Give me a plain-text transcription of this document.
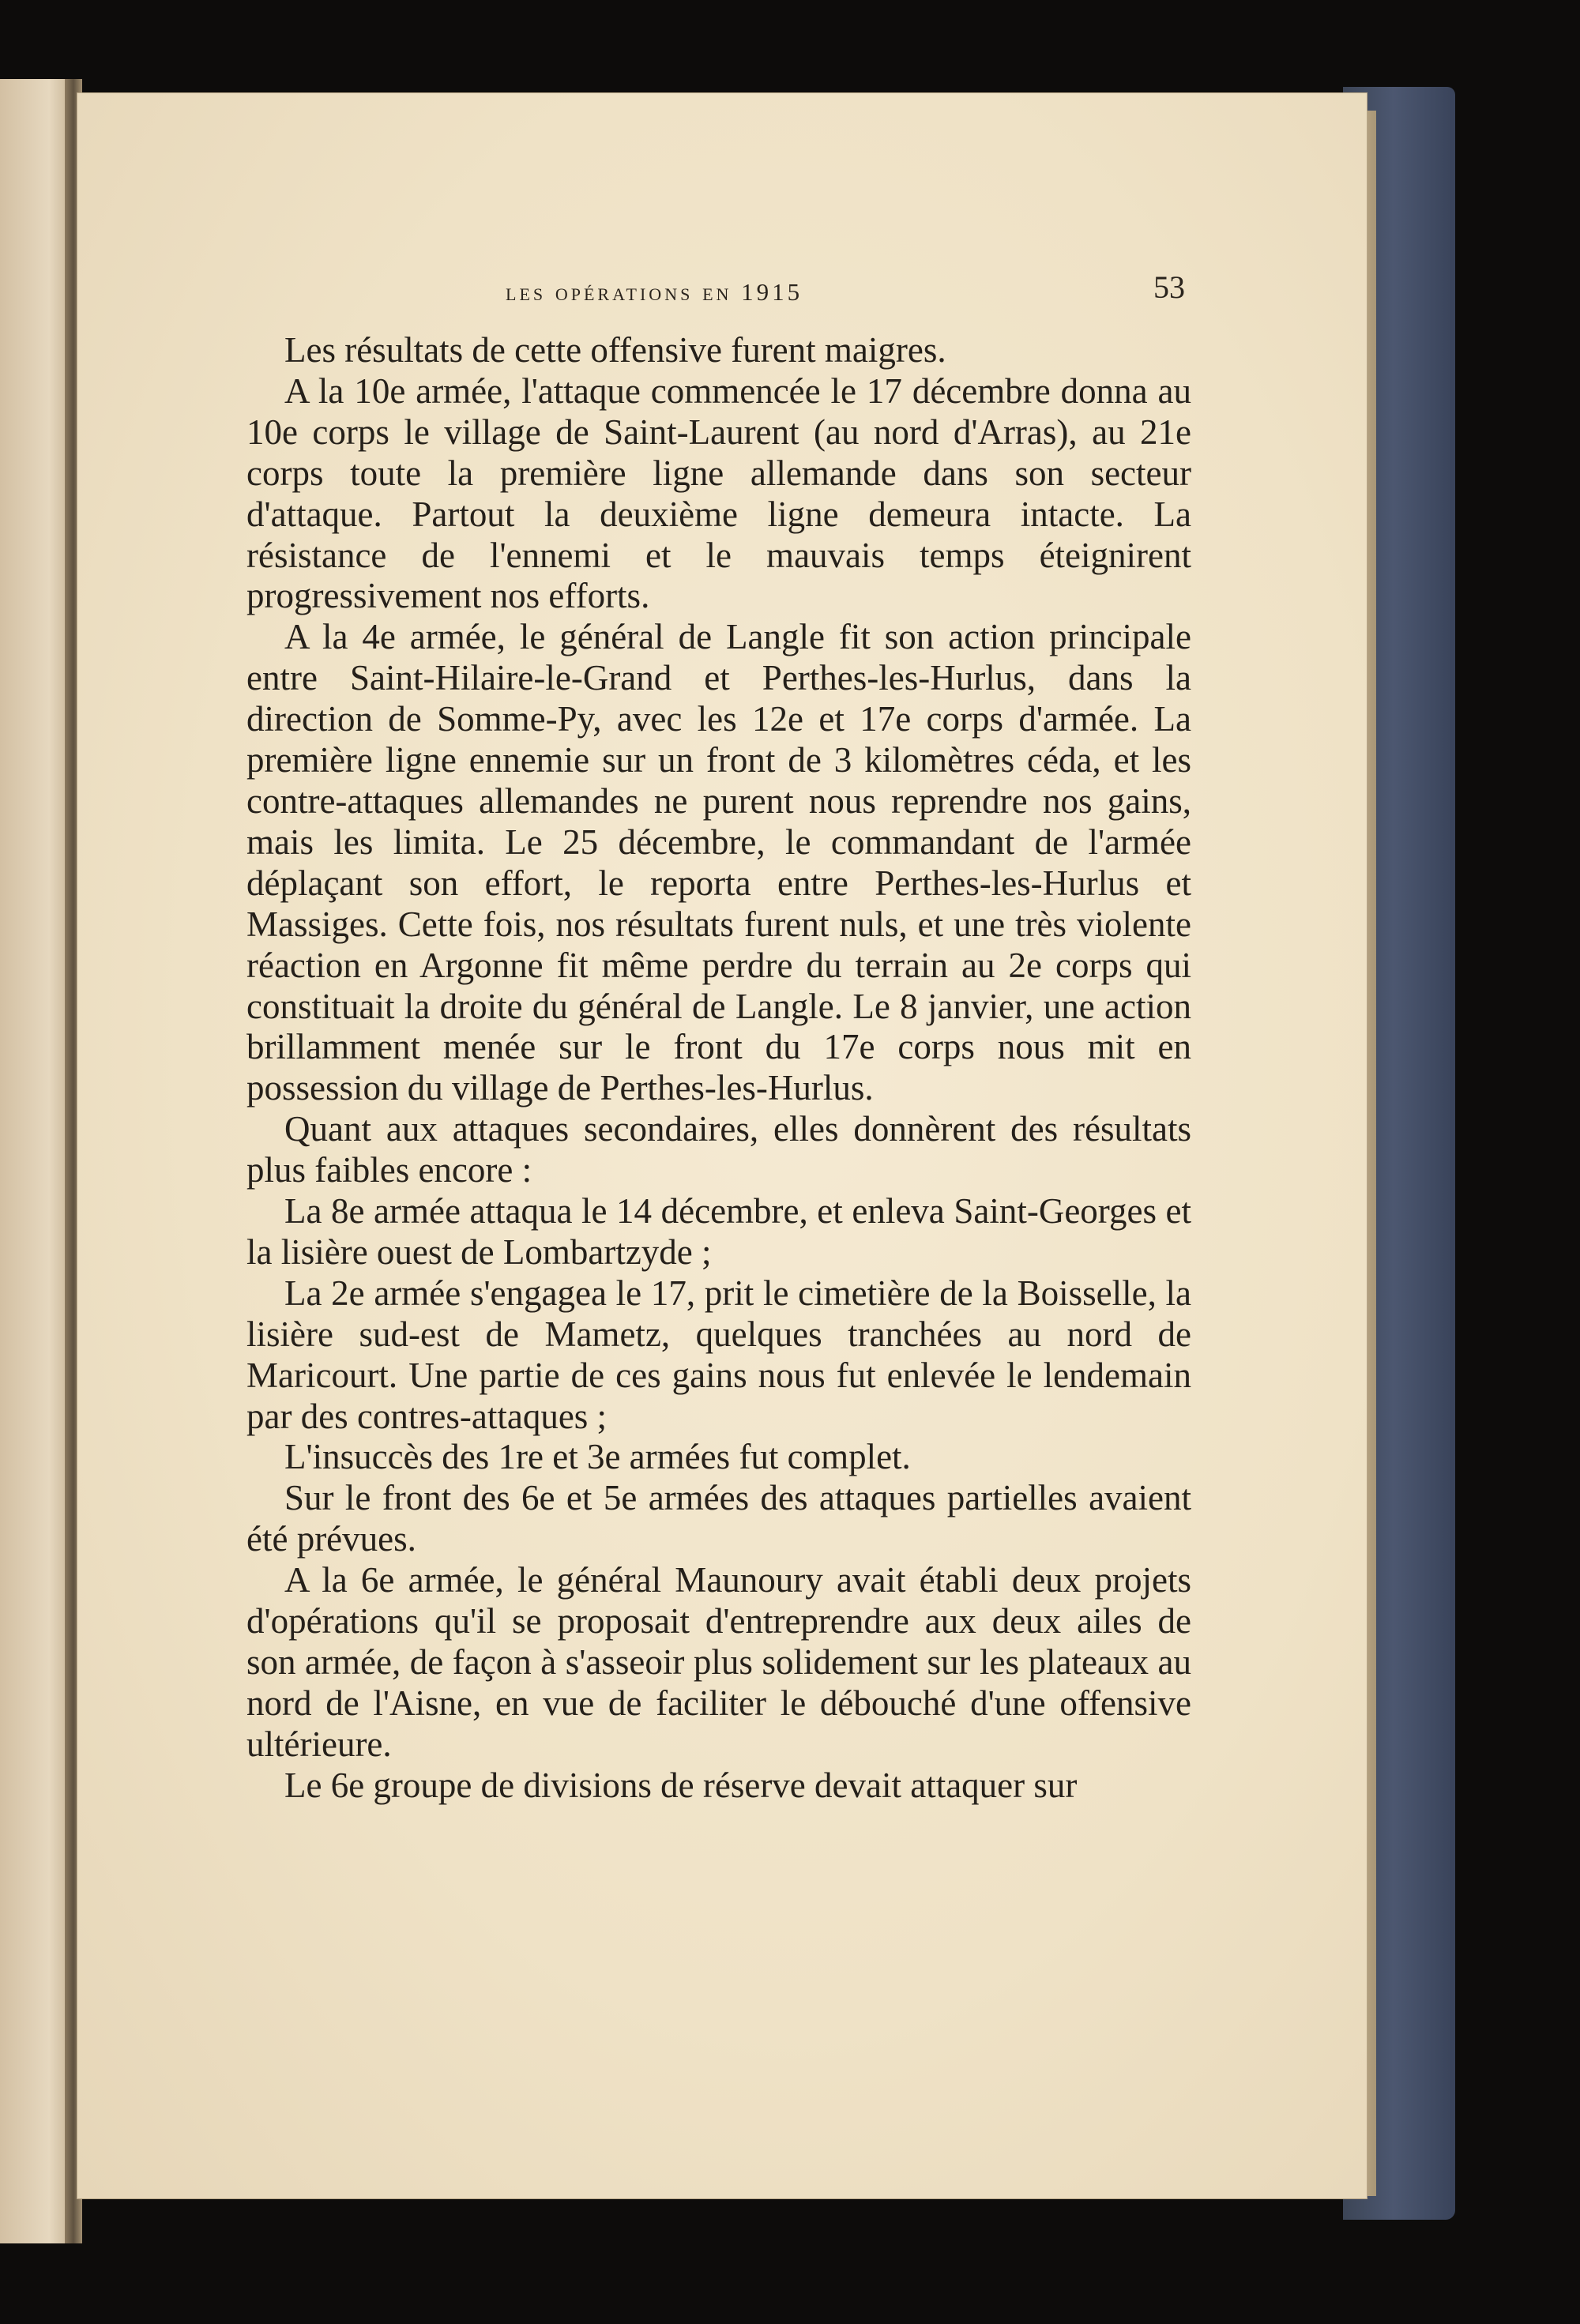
les opérations en 1915	53

Les résultats de cette offensive furent maigres.

A la 10e armée, l'attaque commencée le 17 décembre donna au 10e corps le village de Saint-Laurent (au nord d'Arras), au 21e corps toute la première ligne allemande dans son secteur d'attaque. Partout la deuxième ligne demeura intacte. La résistance de l'ennemi et le mauvais temps éteignirent progressivement nos efforts.

A la 4e armée, le général de Langle fit son action principale entre Saint-Hilaire-le-Grand et Perthes-les-Hurlus, dans la direction de Somme-Py, avec les 12e et 17e corps d'armée. La première ligne ennemie sur un front de 3 kilomètres céda, et les contre-attaques allemandes ne purent nous reprendre nos gains, mais les limita. Le 25 décembre, le commandant de l'armée déplaçant son effort, le reporta entre Perthes-les-Hurlus et Massiges. Cette fois, nos résultats furent nuls, et une très violente réaction en Argonne fit même perdre du terrain au 2e corps qui constituait la droite du général de Langle. Le 8 janvier, une action brillamment menée sur le front du 17e corps nous mit en possession du village de Perthes-les-Hurlus.

Quant aux attaques secondaires, elles donnèrent des résultats plus faibles encore :

La 8e armée attaqua le 14 décembre, et enleva Saint-Georges et la lisière ouest de Lombartzyde ;

La 2e armée s'engagea le 17, prit le cimetière de la Boisselle, la lisière sud-est de Mametz, quelques tranchées au nord de Maricourt. Une partie de ces gains nous fut enlevée le lendemain par des contres-attaques ;

L'insuccès des 1re et 3e armées fut complet.

Sur le front des 6e et 5e armées des attaques partielles avaient été prévues.

A la 6e armée, le général Maunoury avait établi deux projets d'opérations qu'il se proposait d'entreprendre aux deux ailes de son armée, de façon à s'asseoir plus solidement sur les plateaux au nord de l'Aisne, en vue de faciliter le débouché d'une offensive ultérieure.

Le 6e groupe de divisions de réserve devait attaquer sur
